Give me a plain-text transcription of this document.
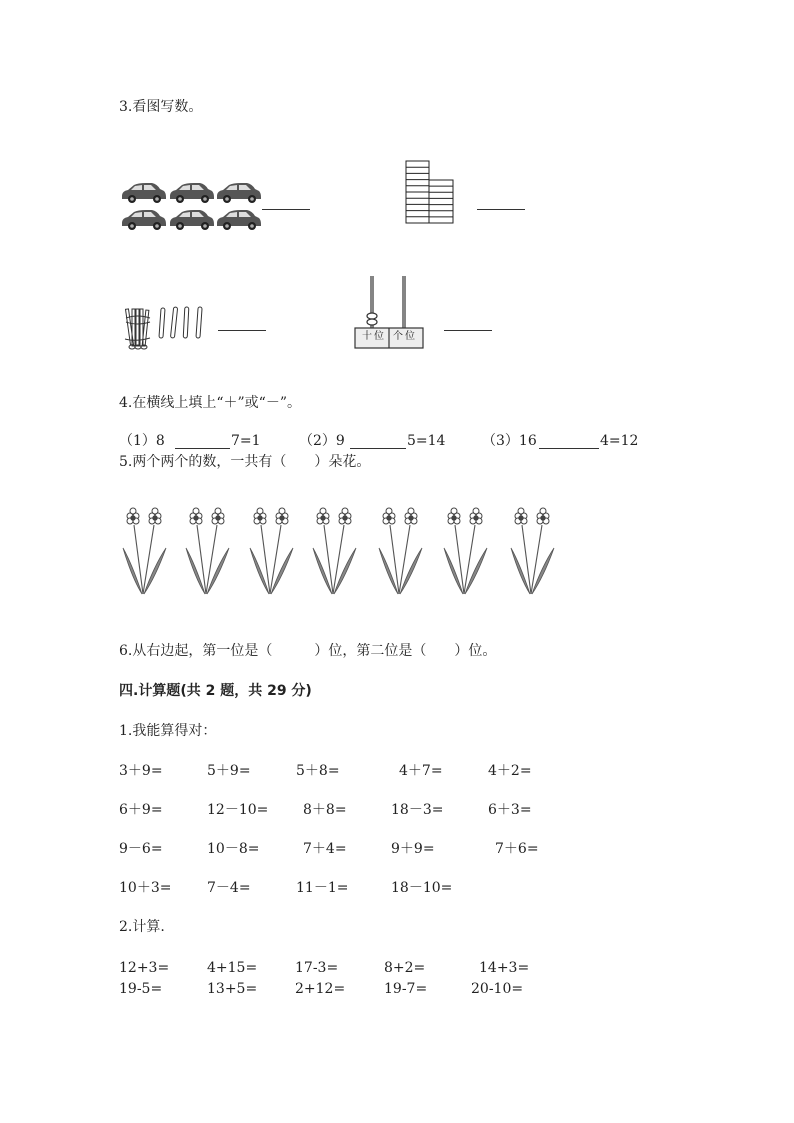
3.看图写数。
十位 个位
4.在横线上填上“＋”或“－”。
（1）8	7=1	（2）9	5=14	（3）16	4=12
5.两个两个的数，一共有（　　）朵花。
6.从右边起，第一位是（　　　）位，第二位是（　　）位。
四.计算题(共 2 题，共 29 分)
1.我能算得对：
3＋9=	5＋9=	5＋8=	4＋7=	4＋2=
6＋9=	12－10= 8＋8=	18－3=	6＋3=
9－6=	10－8=	7＋4=	9＋9=	7＋6=
10＋3=	7－4=	11－1=	18－10=
2.计算.
12+3=	4+15=	17-3=	8+2=	14+3=
19-5=	13+5=	2+12=	19-7=	20-10=
